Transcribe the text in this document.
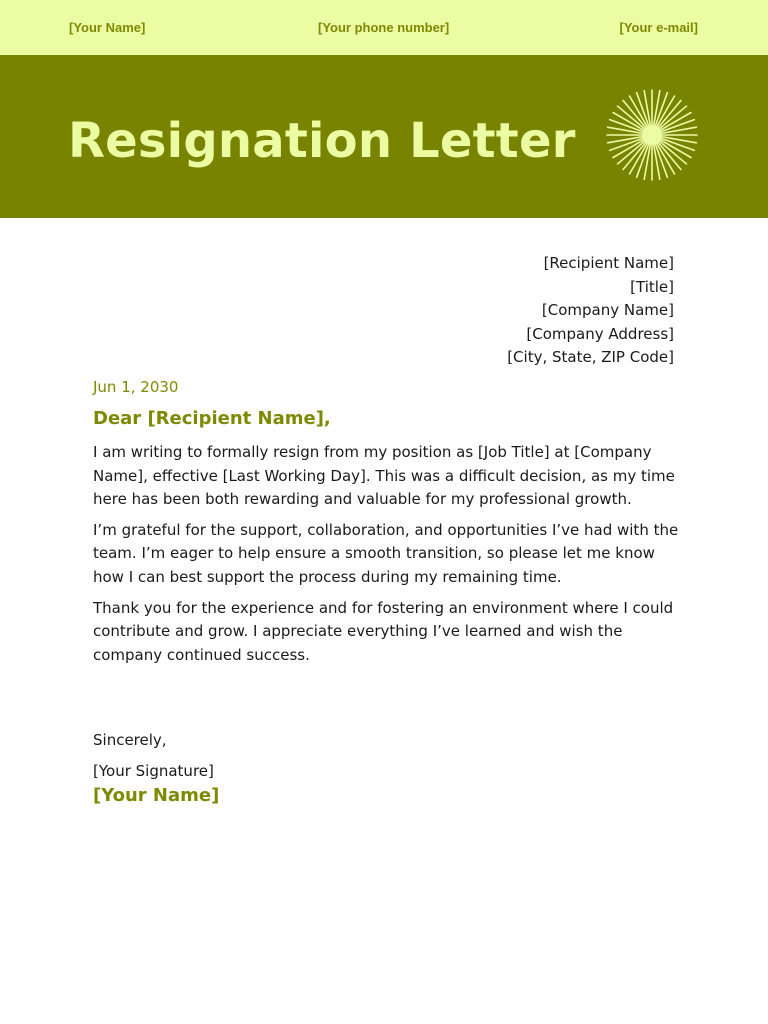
[Your Name]	[Your phone number]	[Your e-mail]
Resignation Letter
[Recipient Name]
[Title]
[Company Name]
[Company Address]
[City, State, ZIP Code]
Jun 1, 2030
Dear [Recipient Name],

I am writing to formally resign from my position as [Job Title] at [Company Name], effective [Last Working Day]. This was a difficult decision, as my time here has been both rewarding and valuable for my professional growth.

I’m grateful for the support, collaboration, and opportunities I’ve had with the team. I’m eager to help ensure a smooth transition, so please let me know how I can best support the process during my remaining time.

Thank you for the experience and for fostering an environment where I could contribute and grow. I appreciate everything I’ve learned and wish the company continued success.

Sincerely,
[Your Signature]
[Your Name]
